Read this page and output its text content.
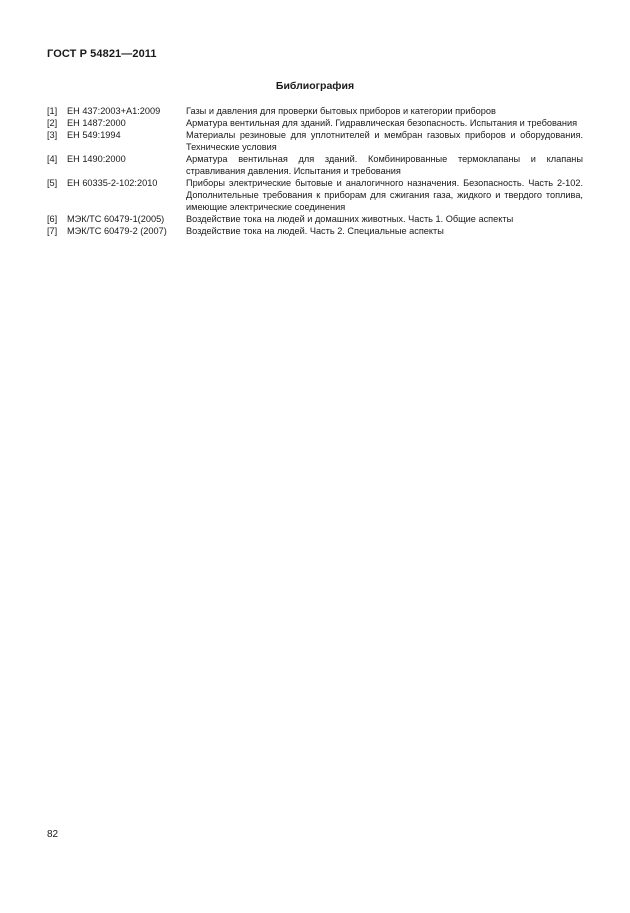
ГОСТ Р 54821—2011
Библиография
[1]	ЕН 437:2003+А1:2009	Газы и давления для проверки бытовых приборов и категории приборов
[2]	ЕН 1487:2000	Арматура вентильная для зданий. Гидравлическая безопасность. Испытания и требования
[3]	ЕН 549:1994	Материалы резиновые для уплотнителей и мембран газовых приборов и оборудования. Технические условия
[4]	ЕН 1490:2000	Арматура вентильная для зданий. Комбинированные термоклапаны и клапаны стравливания давления. Испытания и требования
[5]	ЕН 60335-2-102:2010	Приборы электрические бытовые и аналогичного назначения. Безопасность. Часть 2-102. Дополнительные требования к приборам для сжигания газа, жидкого и твердого топлива, имеющие электрические соединения
[6]	МЭК/ТС 60479-1(2005)	Воздействие тока на людей и домашних животных. Часть 1. Общие аспекты
[7]	МЭК/ТС 60479-2 (2007)	Воздействие тока на людей. Часть 2. Специальные аспекты
82
